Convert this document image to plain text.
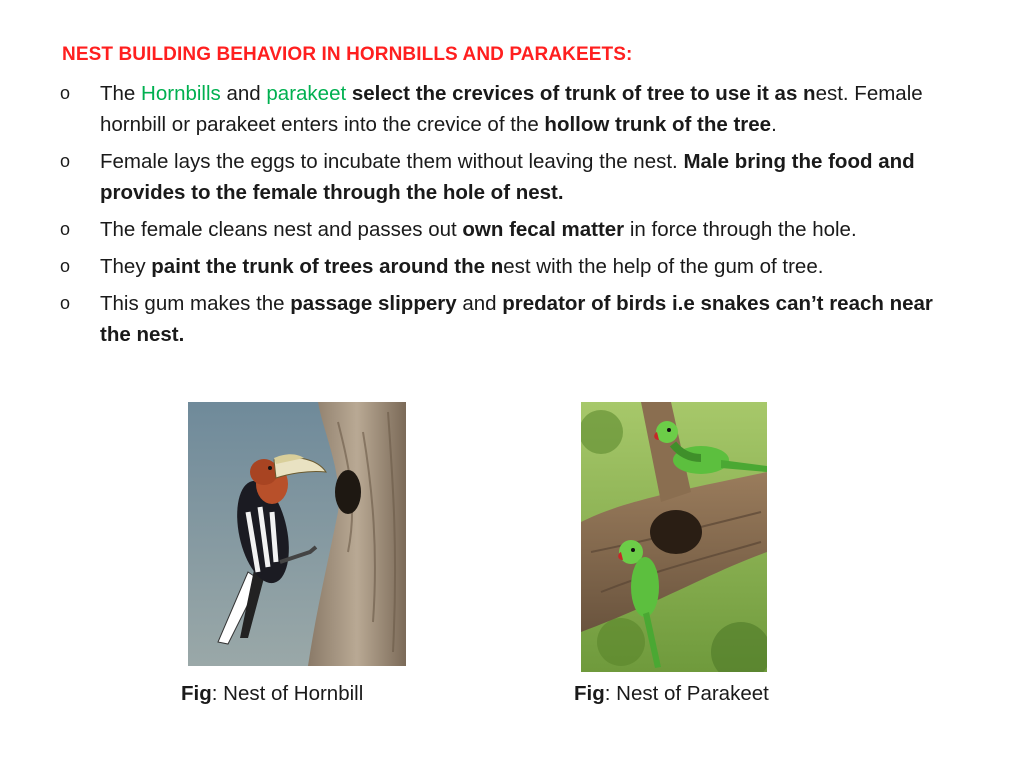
NEST BUILDING BEHAVIOR IN HORNBILLS AND PARAKEETS:
o The Hornbills and parakeet select the crevices of trunk of tree to use it as nest. Female hornbill or parakeet enters into the crevice of the hollow trunk of the tree.
o Female lays the eggs to incubate them without leaving the nest. Male bring the food and provides to the female through the hole of nest.
o The female cleans nest and passes out own fecal matter in force through the hole.
o They paint the trunk of trees around the nest with the help of the gum of tree.
o This gum makes the passage slippery and predator of birds i.e snakes can’t reach near the nest.
Fig: Nest of Hornbill	Fig: Nest of Parakeet
